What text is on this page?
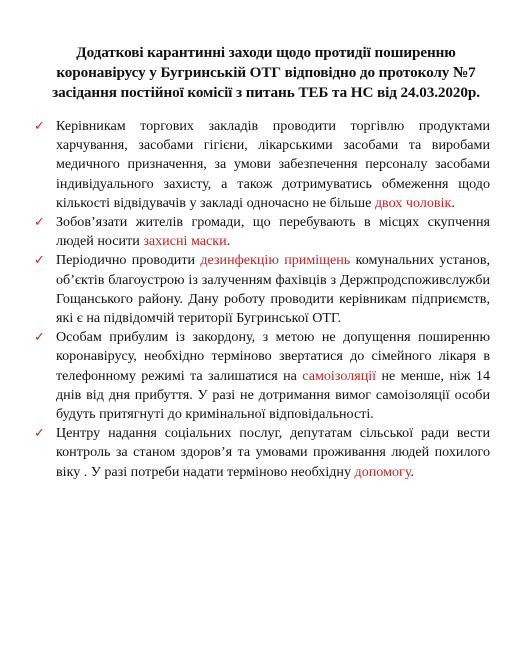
Додаткові карантинні заходи щодо протидії поширенню
коронавірусу у Бугринській ОТГ відповідно до протоколу №7
засідання постійної комісії з питань ТЕБ та НС від 24.03.2020р.
✓ Керівникам торгових закладів проводити торгівлю продуктами харчування, засобами гігієни, лікарськими засобами та виробами медичного призначення, за умови забезпечення персоналу засобами індивідуального захисту, а також дотримуватись обмеження щодо кількості відвідувачів у закладі одночасно не більше двох чоловік.
✓ Зобов’язати жителів громади, що перебувають в місцях скупчення людей носити захисні маски.
✓ Періодично проводити дезинфекцію приміщень комунальних установ, об’єктів благоустрою із залученням фахівців з Держпродспоживслужби Гощанського району. Дану роботу проводити керівникам підприємств, які є на підвідомчій території Бугринської ОТГ.
✓ Особам прибулим із закордону, з метою не допущення поширенню коронавірусу, необхідно терміново звертатися до сімейного лікаря в телефонному режимі та залишатися на самоізоляції не менше, ніж 14 днів від дня прибуття. У разі не дотримання вимог самоізоляції особи будуть притягнуті до кримінальної відповідальності.
✓ Центру надання соціальних послуг, депутатам сільської ради вести контроль за станом здоров’я та умовами проживання людей похилого віку . У разі потреби надати терміново необхідну допомогу.
